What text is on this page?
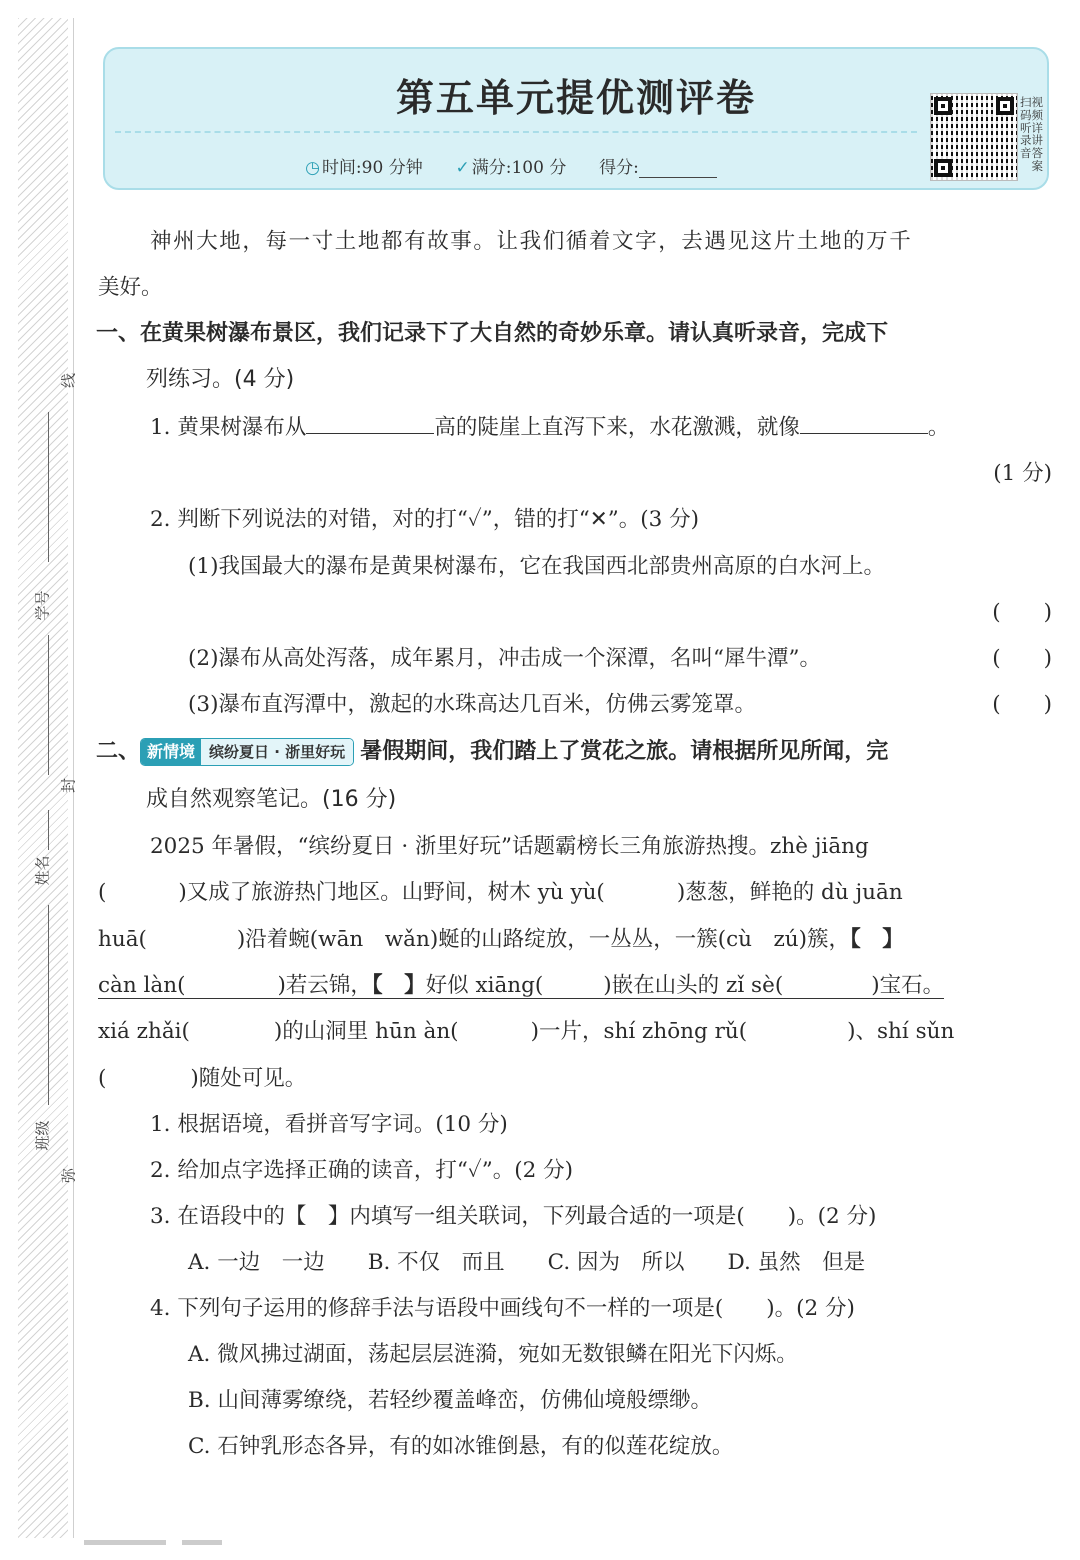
线
学号
封
姓名
班级
弥
第五单元提优测评卷
◷ 时间:90 分钟 ✓ 满分:100 分 得分:
扫视
码频
听详
录讲
音答
　案
神州大地，每一寸土地都有故事。让我们循着文字，去遇见这片土地的万千
美好。
一、在黄果树瀑布景区，我们记录下了大自然的奇妙乐章。请认真听录音，完成下
列练习。(4 分)
1. 黄果树瀑布从	高的陡崖上直泻下来，水花激溅，就像	。
(1 分)
2. 判断下列说法的对错，对的打“✓”，错的打“✕”。(3 分)
(1)我国最大的瀑布是黄果树瀑布，它在我国西北部贵州高原的白水河上。
(　　)
(2)瀑布从高处泻落，成年累月，冲击成一个深潭，名叫“犀牛潭”。	(　　)
(3)瀑布直泻潭中，激起的水珠高达几百米，仿佛云雾笼罩。	(　　)
二、 新情境 缤纷夏日 · 浙里好玩 暑假期间，我们踏上了赏花之旅。请根据所见所闻，完
成自然观察笔记。(16 分)
2025 年暑假，“缤纷夏日 · 浙里好玩”话题霸榜长三角旅游热搜。zhè jiāng
(	)又成了旅游热门地区。山野间，树木 yù yù(	)葱葱，鲜艳的 dù juān
huā(	)沿着蜿(wān　wǎn)蜒的山路绽放，一丛丛，一簇(cù　zú)簇，【　】
càn làn(	)若云锦，【　】好似 xiāng(	)嵌在山头的 zǐ sè(	)宝石。
xiá zhǎi(	)的山洞里 hūn àn(	)一片，shí zhōng rǔ(	)、shí sǔn
(	)随处可见。
1. 根据语境，看拼音写字词。(10 分)
2. 给加点字选择正确的读音，打“✓”。(2 分)
3. 在语段中的【　】内填写一组关联词，下列最合适的一项是(　　)。(2 分)
A. 一边　一边　　B. 不仅　而且　　C. 因为　所以　　D. 虽然　但是
4. 下列句子运用的修辞手法与语段中画线句不一样的一项是(　　)。(2 分)
A. 微风拂过湖面，荡起层层涟漪，宛如无数银鳞在阳光下闪烁。
B. 山间薄雾缭绕，若轻纱覆盖峰峦，仿佛仙境般缥缈。
C. 石钟乳形态各异，有的如冰锥倒悬，有的似莲花绽放。
